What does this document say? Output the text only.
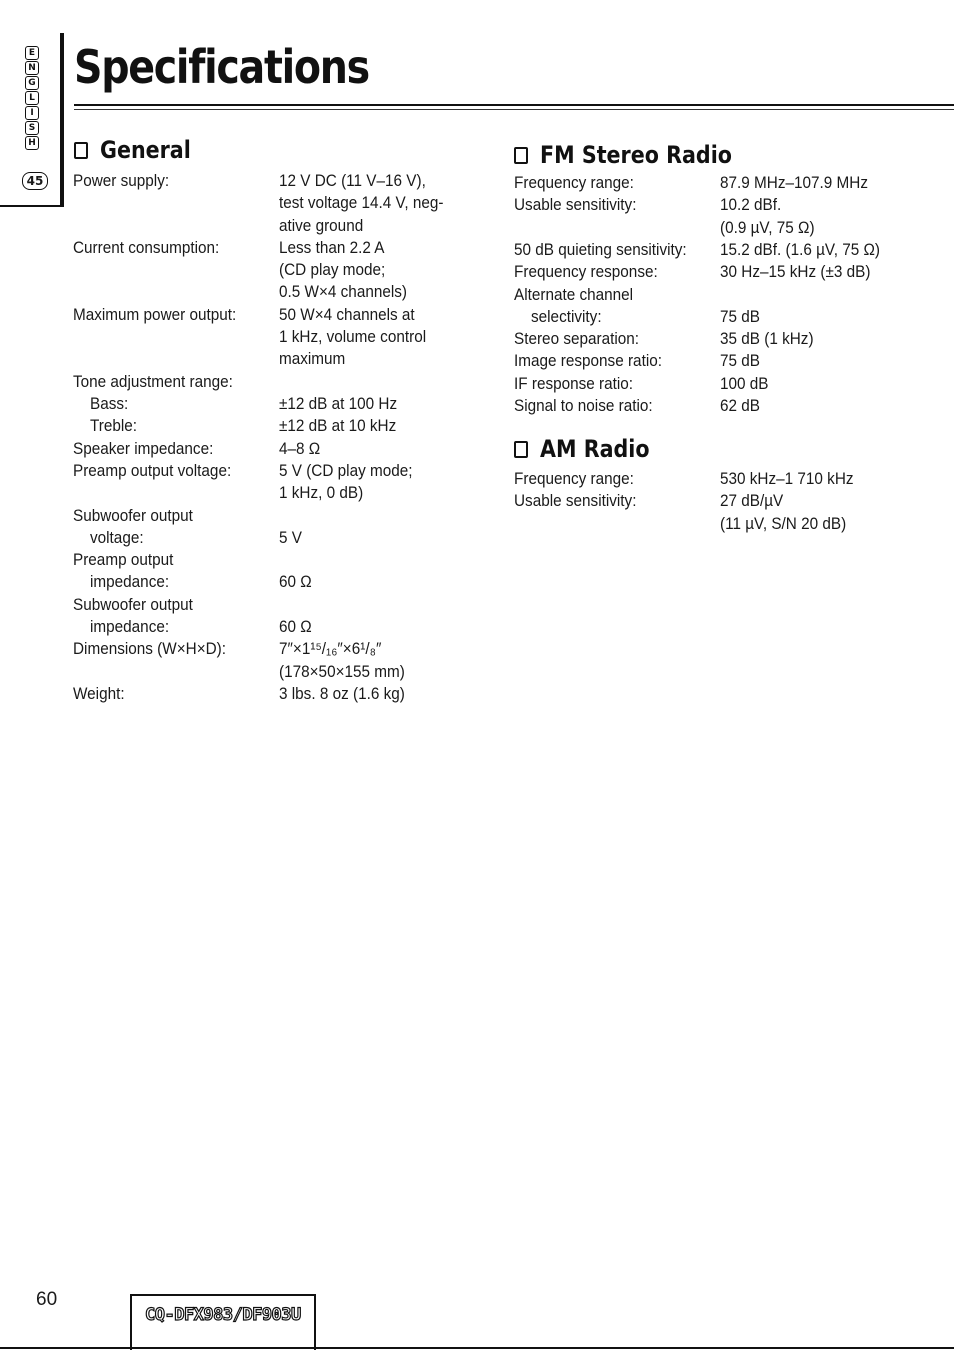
E
N
G
L
I
S
H
45
Specifications
General
Power supply:	12 V DC (11 V–16 V),
test voltage 14.4 V, neg-
ative ground
Current consumption:	Less than 2.2 A
(CD play mode;
0.5 W×4 channels)
Maximum power output:	50 W×4 channels at
1 kHz, volume control
maximum
Tone adjustment range:
Bass:	±12 dB at 100 Hz
Treble:	±12 dB at 10 kHz
Speaker impedance:	4–8 Ω
Preamp output voltage:	5 V (CD play mode;
1 kHz, 0 dB)
Subwoofer output
voltage:	5 V
Preamp output
impedance:	60 Ω
Subwoofer output
impedance:	60 Ω
Dimensions (W×H×D):	7″×1¹⁵/₁₆″×6¹/₈″
(178×50×155 mm)
Weight:	3 lbs. 8 oz (1.6 kg)
FM Stereo Radio
Frequency range:	87.9 MHz–107.9 MHz
Usable sensitivity:	10.2 dBf.
(0.9 µV, 75 Ω)
50 dB quieting sensitivity: 15.2 dBf. (1.6 µV, 75 Ω)
Frequency response:	30 Hz–15 kHz (±3 dB)
Alternate channel
selectivity:	75 dB
Stereo separation:	35 dB (1 kHz)
Image response ratio:	75 dB
IF response ratio:	100 dB
Signal to noise ratio:	62 dB
AM Radio
Frequency range:	530 kHz–1 710 kHz
Usable sensitivity:	27 dB/µV
(11 µV, S/N 20 dB)
60
CQ-DFX983/DF903U
